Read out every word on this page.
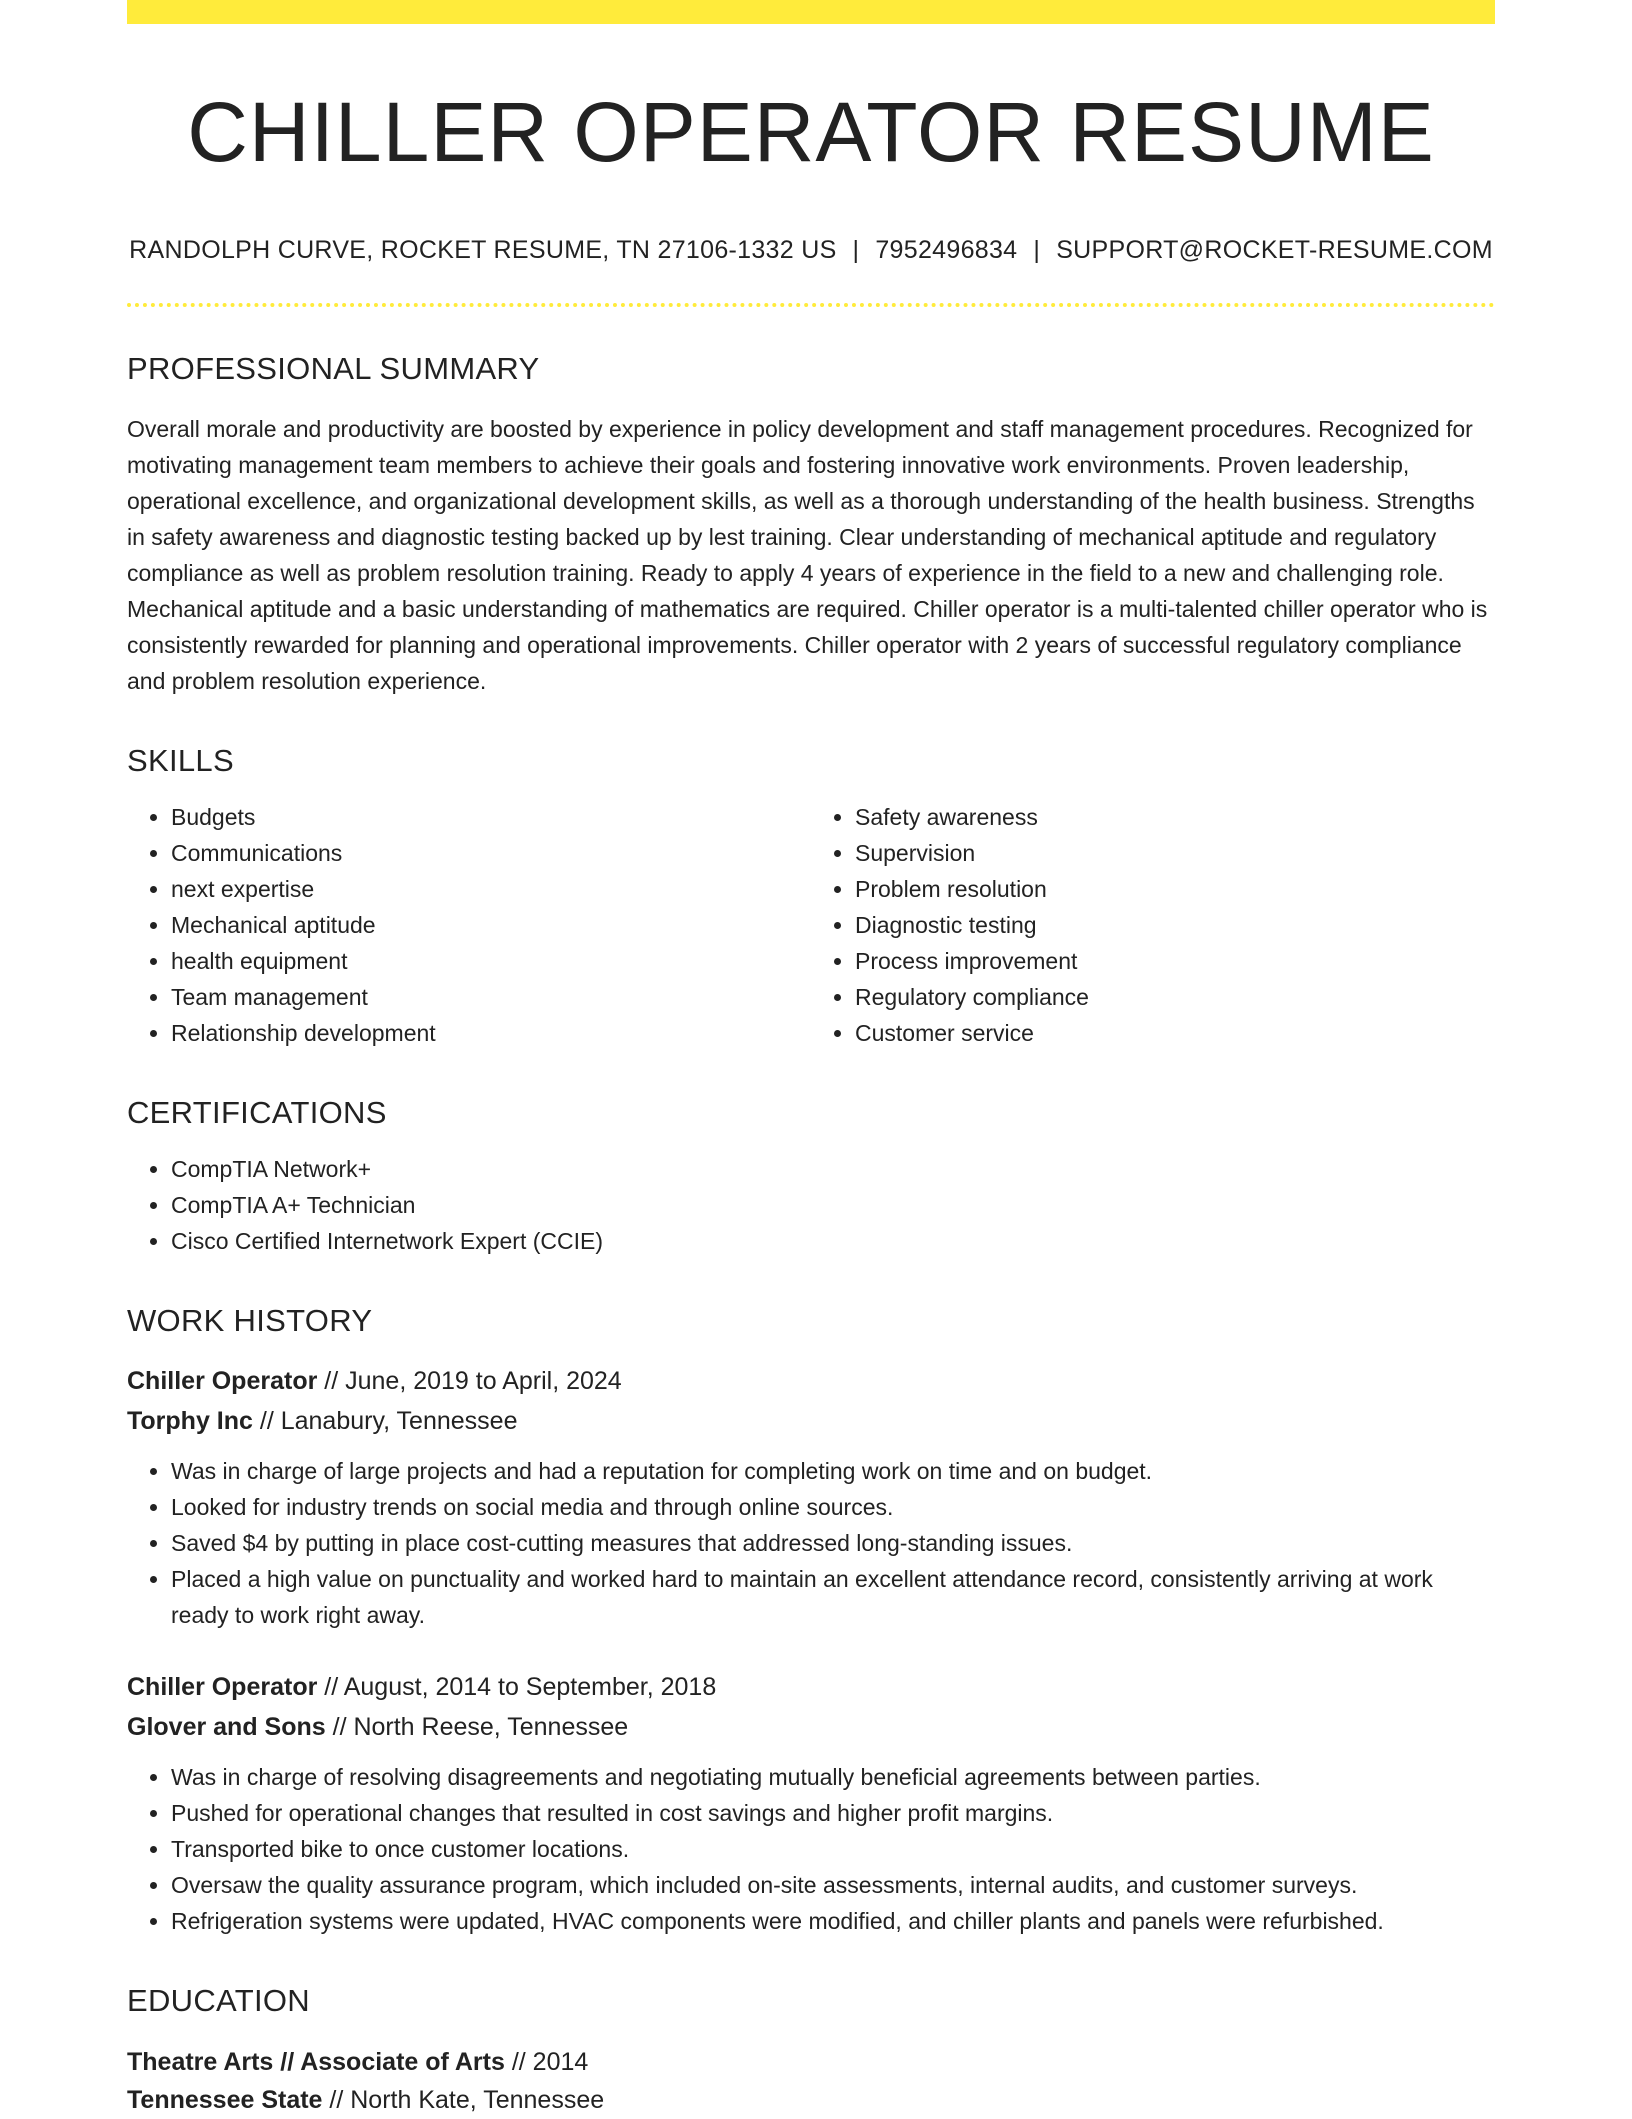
CHILLER OPERATOR RESUME
RANDOLPH CURVE, ROCKET RESUME, TN 27106-1332 US | 7952496834 | SUPPORT@ROCKET-RESUME.COM
PROFESSIONAL SUMMARY
Overall morale and productivity are boosted by experience in policy development and staff management procedures. Recognized for motivating management team members to achieve their goals and fostering innovative work environments. Proven leadership, operational excellence, and organizational development skills, as well as a thorough understanding of the health business. Strengths in safety awareness and diagnostic testing backed up by lest training. Clear understanding of mechanical aptitude and regulatory compliance as well as problem resolution training. Ready to apply 4 years of experience in the field to a new and challenging role. Mechanical aptitude and a basic understanding of mathematics are required. Chiller operator is a multi-talented chiller operator who is consistently rewarded for planning and operational improvements. Chiller operator with 2 years of successful regulatory compliance and problem resolution experience.
SKILLS
• Budgets
• Communications
• next expertise
• Mechanical aptitude
• health equipment
• Team management
• Relationship development
• Safety awareness
• Supervision
• Problem resolution
• Diagnostic testing
• Process improvement
• Regulatory compliance
• Customer service
CERTIFICATIONS
• CompTIA Network+
• CompTIA A+ Technician
• Cisco Certified Internetwork Expert (CCIE)
WORK HISTORY
Chiller Operator // June, 2019 to April, 2024
Torphy Inc // Lanabury, Tennessee
• Was in charge of large projects and had a reputation for completing work on time and on budget.
• Looked for industry trends on social media and through online sources.
• Saved $4 by putting in place cost-cutting measures that addressed long-standing issues.
• Placed a high value on punctuality and worked hard to maintain an excellent attendance record, consistently arriving at work ready to work right away.
Chiller Operator // August, 2014 to September, 2018
Glover and Sons // North Reese, Tennessee
• Was in charge of resolving disagreements and negotiating mutually beneficial agreements between parties.
• Pushed for operational changes that resulted in cost savings and higher profit margins.
• Transported bike to once customer locations.
• Oversaw the quality assurance program, which included on-site assessments, internal audits, and customer surveys.
• Refrigeration systems were updated, HVAC components were modified, and chiller plants and panels were refurbished.
EDUCATION
Theatre Arts // Associate of Arts // 2014
Tennessee State // North Kate, Tennessee
